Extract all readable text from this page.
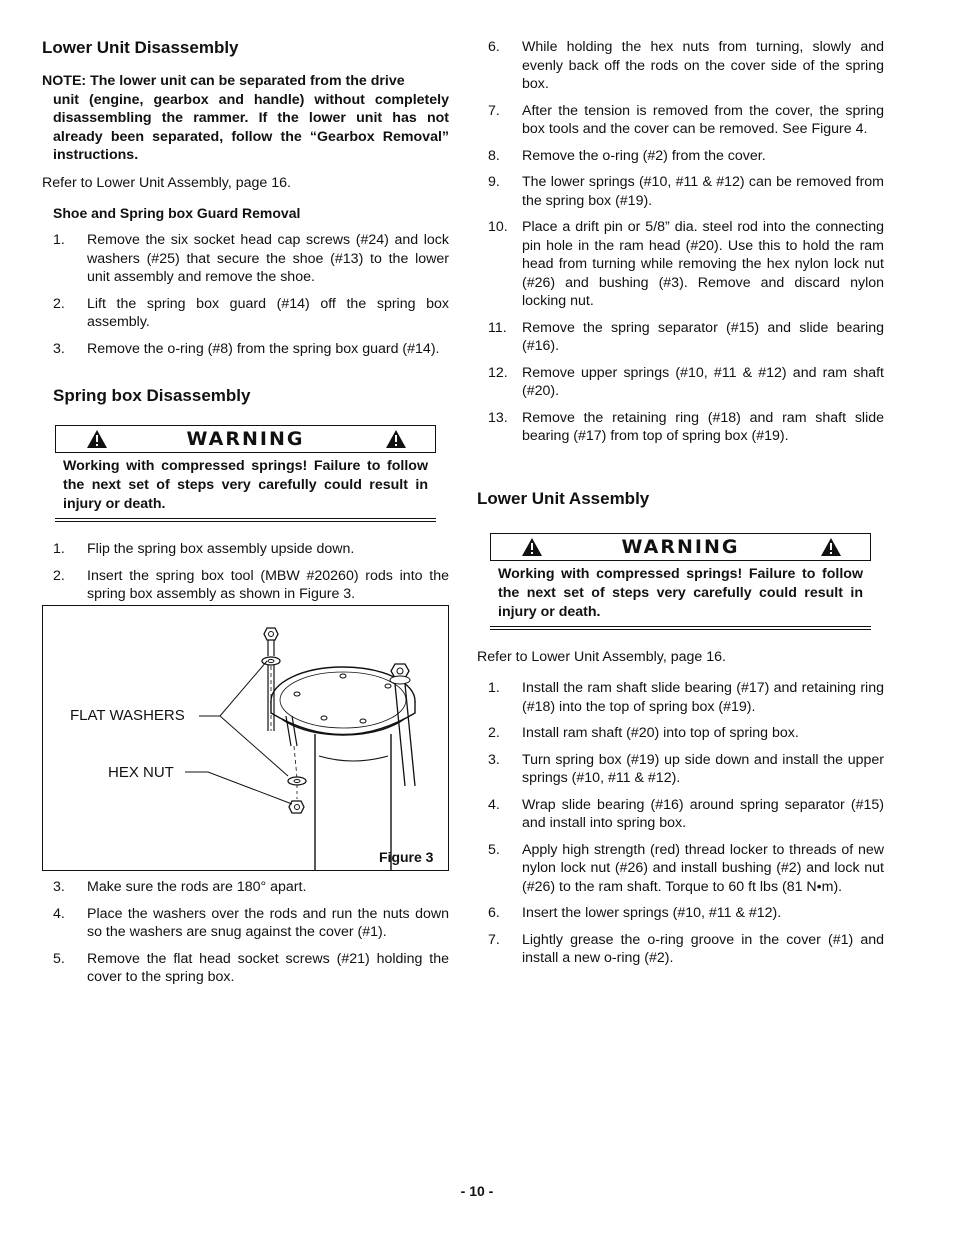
Lower Unit Disassembly
NOTE: The lower unit can be separated from the drive
unit (engine, gearbox and handle) without completely disassembling the rammer. If the lower unit has not already been separated, follow the “Gearbox Removal” instructions.

Refer to Lower Unit Assembly, page 16.

Shoe and Spring box Guard Removal
1. Remove the six socket head cap screws (#24) and lock washers (#25) that secure the shoe (#13) to the lower unit assembly and remove the shoe.
2. Lift the spring box guard (#14) off the spring box assembly.
3. Remove the o-ring (#8) from the spring box guard (#14).
Spring box Disassembly
WARNING
Working with compressed springs! Failure to follow the next set of steps very carefully could result in injury or death.
1. Flip the spring box assembly upside down.
2. Insert the spring box tool (MBW #20260) rods into the spring box assembly as shown in Figure 3.
3. Make sure the rods are 180° apart.
4. Place the washers over the rods and run the nuts down so the washers are snug against the cover (#1).
5. Remove the flat head socket screws (#21) holding the cover to the spring box.
FLAT WASHERS
HEX NUT
Figure 3
6. While holding the hex nuts from turning, slowly and evenly back off the rods on the cover side of the spring box.
7. After the tension is removed from the cover, the spring box tools and the cover can be removed. See Figure 4.
8. Remove the o-ring (#2) from the cover.
9. The lower springs (#10, #11 & #12) can be removed from the spring box (#19).
10. Place a drift pin or 5/8” dia. steel rod into the connecting pin hole in the ram head (#20). Use this to hold the ram head from turning while removing the hex nylon lock nut (#26) and bushing (#3). Remove and discard nylon locking nut.
11. Remove the spring separator (#15) and slide bearing (#16).
12. Remove upper springs (#10, #11 & #12) and ram shaft (#20).
13. Remove the retaining ring (#18) and ram shaft slide bearing (#17) from top of spring box (#19).
Lower Unit Assembly
WARNING
Working with compressed springs! Failure to follow the next set of steps very carefully could result in injury or death.

Refer to Lower Unit Assembly, page 16.

1. Install the ram shaft slide bearing (#17) and retaining ring (#18) into the top of spring box (#19).
2. Install ram shaft (#20) into top of spring box.
3. Turn spring box (#19) up side down and install the upper springs (#10, #11 & #12).
4. Wrap slide bearing (#16) around spring separator (#15) and install into spring box.
5. Apply high strength (red) thread locker to threads of new nylon lock nut (#26) and install bushing (#2) and lock nut (#26) to the ram shaft. Torque to 60 ft lbs (81 N•m).
6. Insert the lower springs (#10, #11 & #12).
7. Lightly grease the o-ring groove in the cover (#1) and install a new o-ring (#2).
- 10 -
